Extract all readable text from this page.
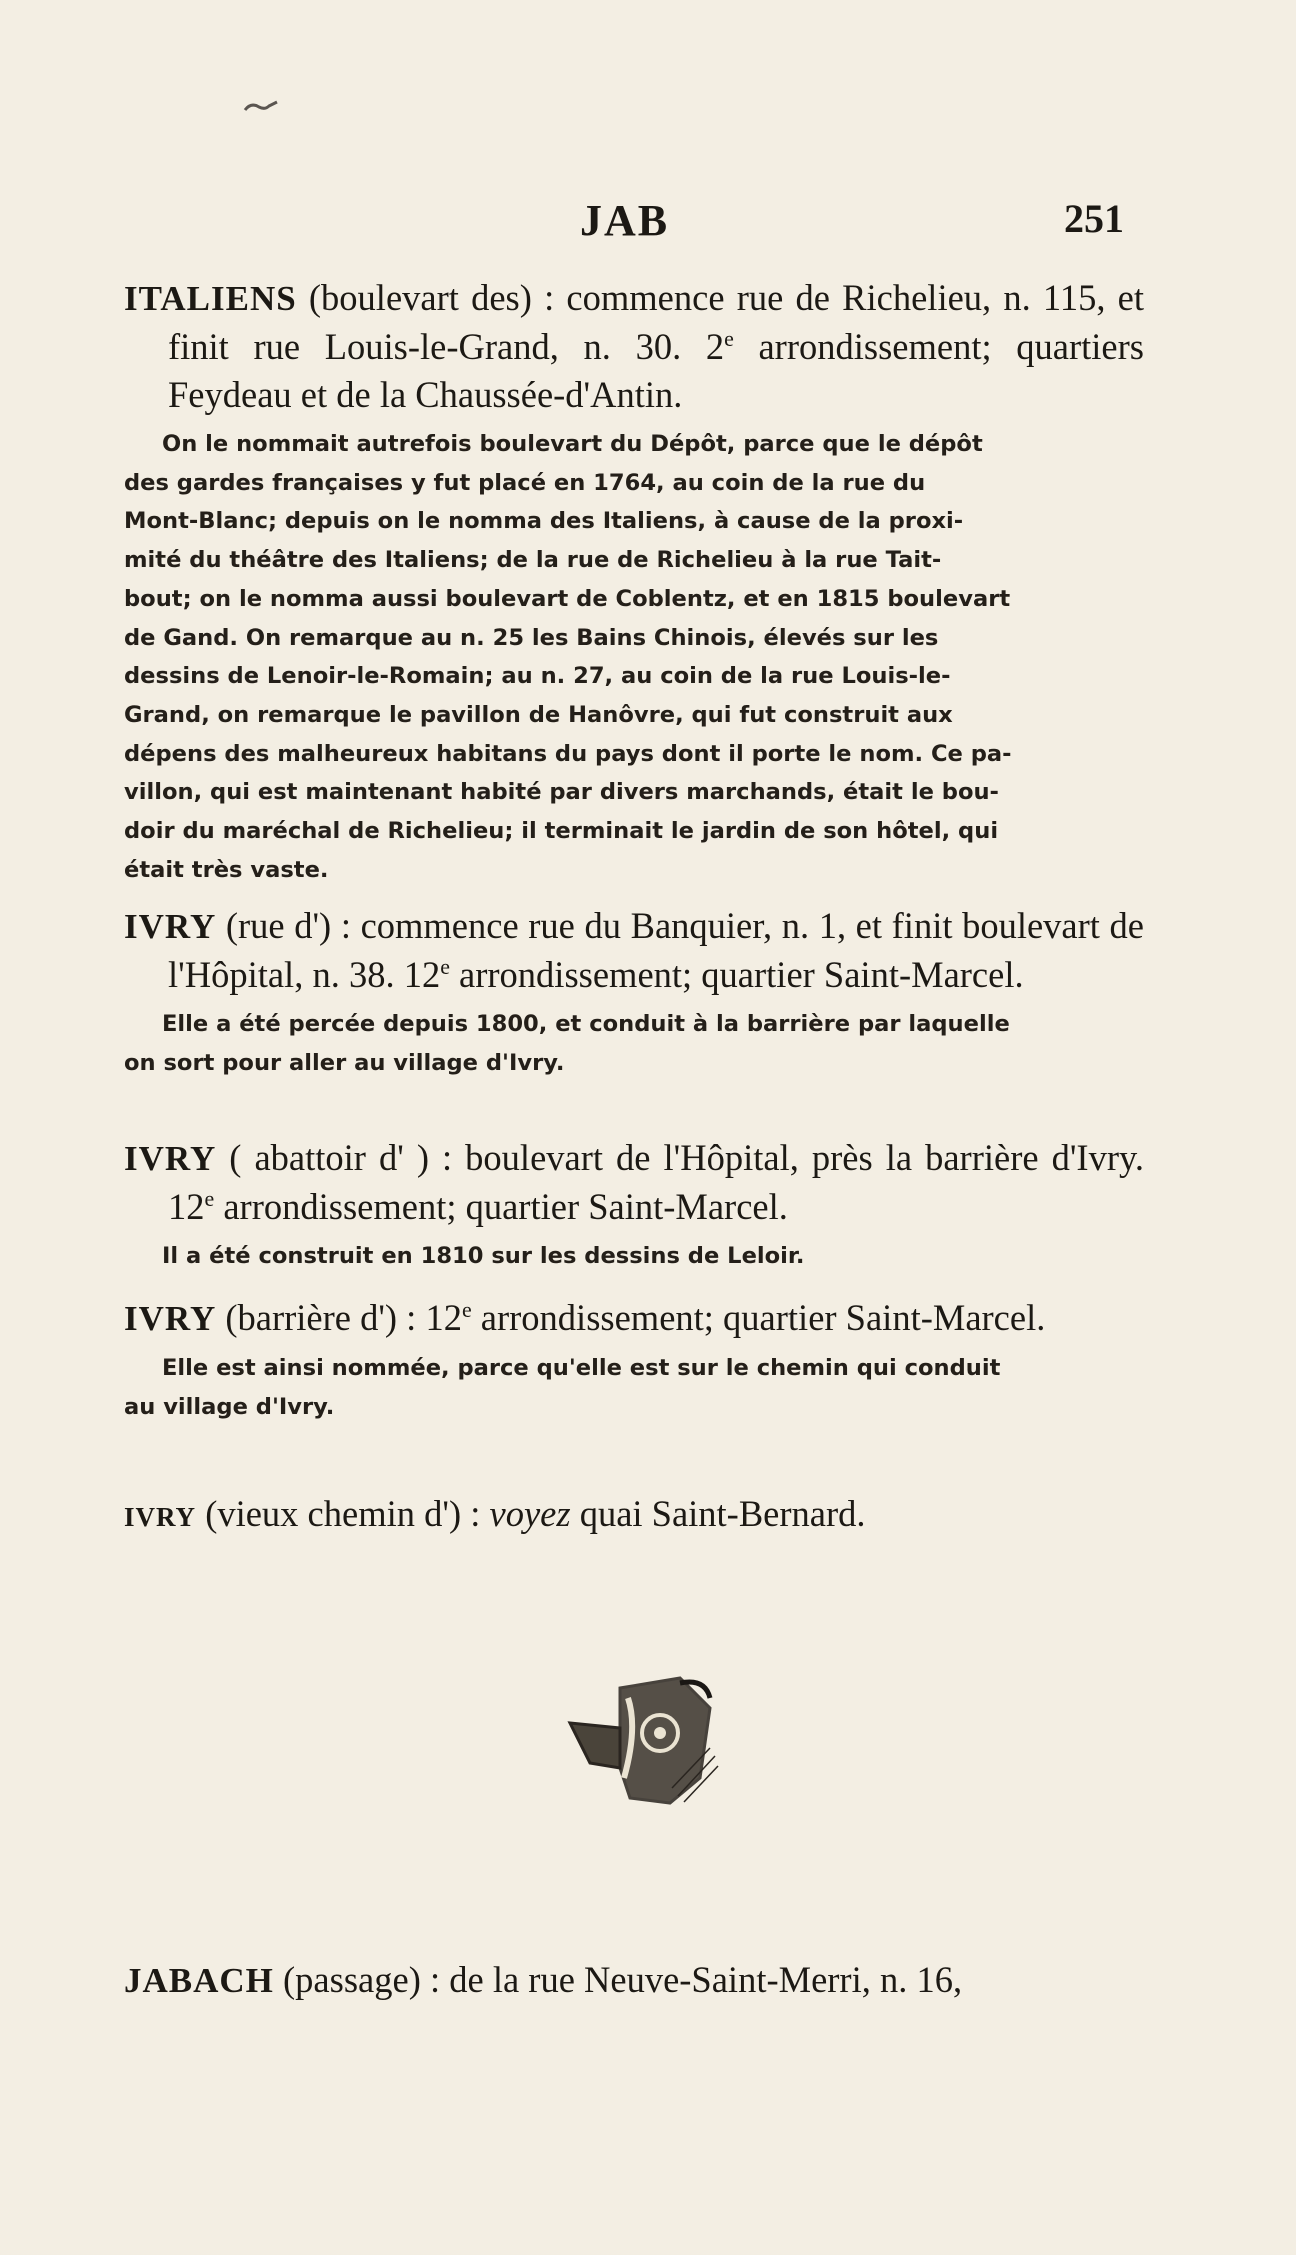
JAB	251
ITALIENS (boulevart des) : commence rue de Richelieu, n. 115, et finit rue Louis-le-Grand, n. 30. 2e arrondissement; quartiers Feydeau et de la Chaussée-d'Antin.
On le nommait autrefois boulevart du Dépôt, parce que le dépôt
des gardes françaises y fut placé en 1764, au coin de la rue du
Mont-Blanc; depuis on le nomma des Italiens, à cause de la proxi-
mité du théâtre des Italiens; de la rue de Richelieu à la rue Tait-
bout; on le nomma aussi boulevart de Coblentz, et en 1815 boulevart
de Gand. On remarque au n. 25 les Bains Chinois, élevés sur les
dessins de Lenoir-le-Romain; au n. 27, au coin de la rue Louis-le-
Grand, on remarque le pavillon de Hanôvre, qui fut construit aux
dépens des malheureux habitans du pays dont il porte le nom. Ce pa-
villon, qui est maintenant habité par divers marchands, était le bou-
doir du maréchal de Richelieu; il terminait le jardin de son hôtel, qui
était très vaste.
IVRY (rue d') : commence rue du Banquier, n. 1, et finit boulevart de l'Hôpital, n. 38. 12e arrondissement; quartier Saint-Marcel.
Elle a été percée depuis 1800, et conduit à la barrière par laquelle
on sort pour aller au village d'Ivry.
IVRY ( abattoir d' ) : boulevart de l'Hôpital, près la barrière d'Ivry. 12e arrondissement; quartier Saint-Marcel.
Il a été construit en 1810 sur les dessins de Leloir.
IVRY (barrière d') : 12e arrondissement; quartier Saint-Marcel.
Elle est ainsi nommée, parce qu'elle est sur le chemin qui conduit
au village d'Ivry.
IVRY (vieux chemin d') : voyez quai Saint-Bernard.
JABACH (passage) : de la rue Neuve-Saint-Merri, n. 16,
